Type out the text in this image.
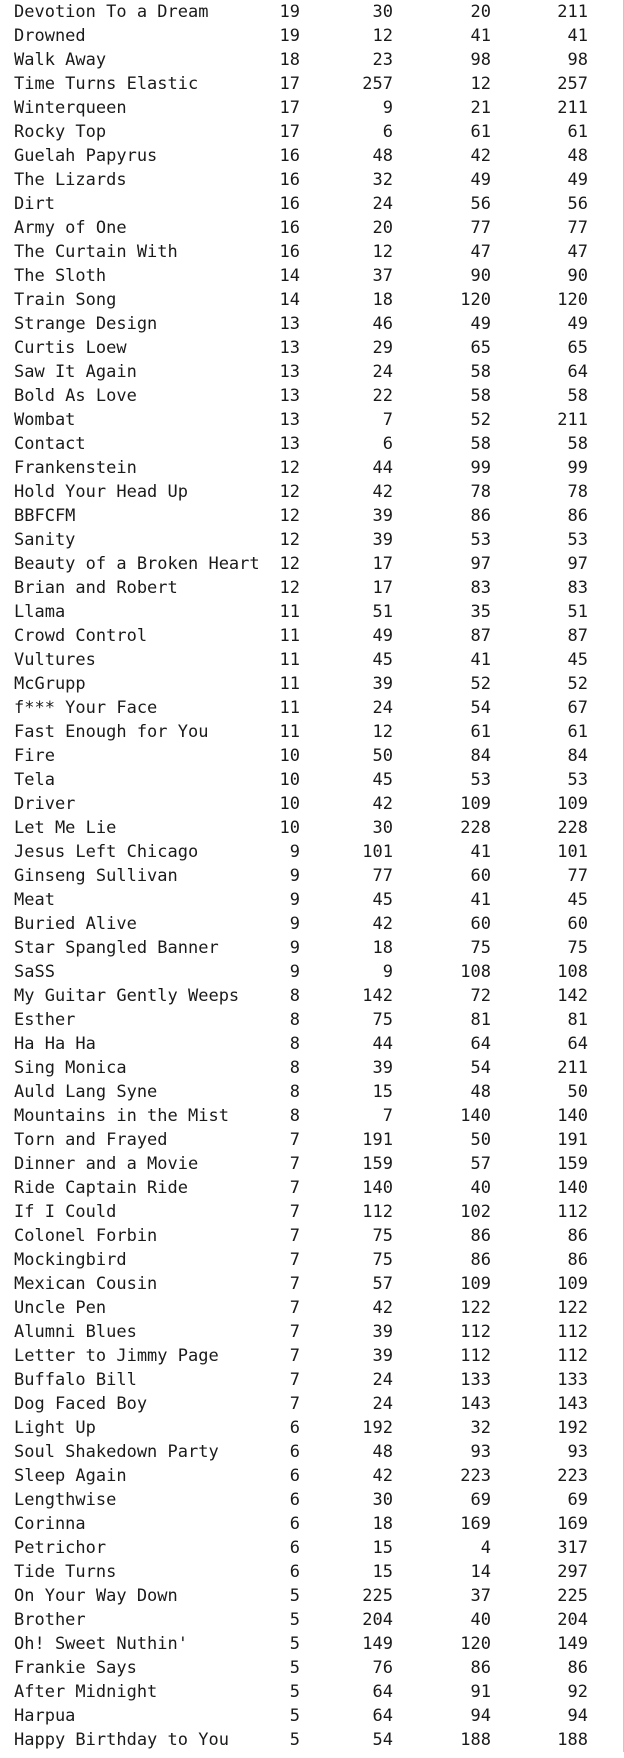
Devotion To a Dream	19	30	20	211
Drowned	19	12	41	41
Walk Away	18	23	98	98
Time Turns Elastic	17	257	12	257
Winterqueen	17	9	21	211
Rocky Top	17	6	61	61
Guelah Papyrus	16	48	42	48
The Lizards	16	32	49	49
Dirt	16	24	56	56
Army of One	16	20	77	77
The Curtain With	16	12	47	47
The Sloth	14	37	90	90
Train Song	14	18	120	120
Strange Design	13	46	49	49
Curtis Loew	13	29	65	65
Saw It Again	13	24	58	64
Bold As Love	13	22	58	58
Wombat	13	7	52	211
Contact	13	6	58	58
Frankenstein	12	44	99	99
Hold Your Head Up	12	42	78	78
BBFCFM	12	39	86	86
Sanity	12	39	53	53
Beauty of a Broken Heart	12	17	97	97
Brian and Robert	12	17	83	83
Llama	11	51	35	51
Crowd Control	11	49	87	87
Vultures	11	45	41	45
McGrupp	11	39	52	52
f*** Your Face	11	24	54	67
Fast Enough for You	11	12	61	61
Fire	10	50	84	84
Tela	10	45	53	53
Driver	10	42	109	109
Let Me Lie	10	30	228	228
Jesus Left Chicago	9	101	41	101
Ginseng Sullivan	9	77	60	77
Meat	9	45	41	45
Buried Alive	9	42	60	60
Star Spangled Banner	9	18	75	75
SaSS	9	9	108	108
My Guitar Gently Weeps	8	142	72	142
Esther	8	75	81	81
Ha Ha Ha	8	44	64	64
Sing Monica	8	39	54	211
Auld Lang Syne	8	15	48	50
Mountains in the Mist	8	7	140	140
Torn and Frayed	7	191	50	191
Dinner and a Movie	7	159	57	159
Ride Captain Ride	7	140	40	140
If I Could	7	112	102	112
Colonel Forbin	7	75	86	86
Mockingbird	7	75	86	86
Mexican Cousin	7	57	109	109
Uncle Pen	7	42	122	122
Alumni Blues	7	39	112	112
Letter to Jimmy Page	7	39	112	112
Buffalo Bill	7	24	133	133
Dog Faced Boy	7	24	143	143
Light Up	6	192	32	192
Soul Shakedown Party	6	48	93	93
Sleep Again	6	42	223	223
Lengthwise	6	30	69	69
Corinna	6	18	169	169
Petrichor	6	15	4	317
Tide Turns	6	15	14	297
On Your Way Down	5	225	37	225
Brother	5	204	40	204
Oh! Sweet Nuthin'	5	149	120	149
Frankie Says	5	76	86	86
After Midnight	5	64	91	92
Harpua	5	64	94	94
Happy Birthday to You	5	54	188	188
